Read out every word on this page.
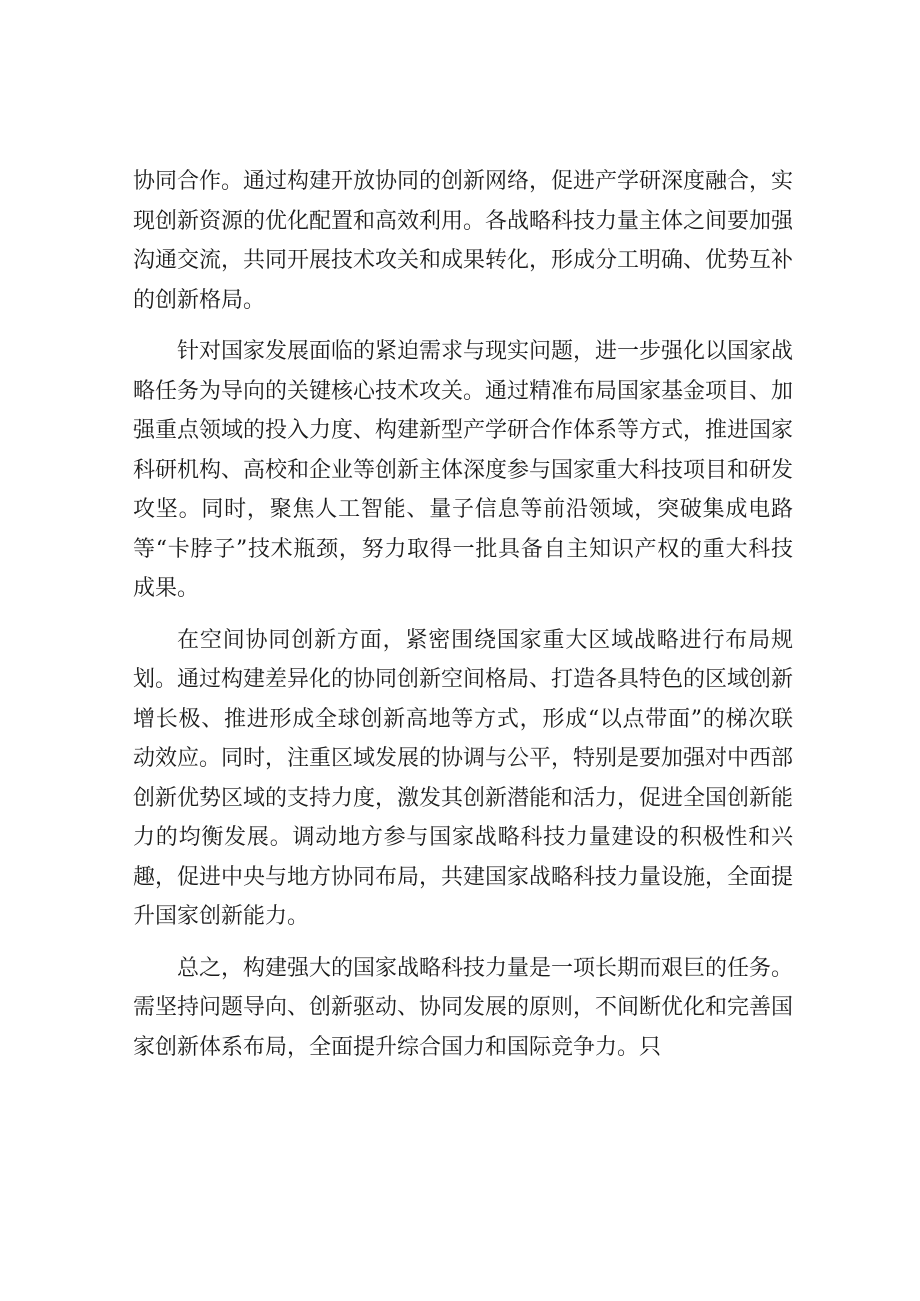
协同合作。通过构建开放协同的创新网络，促进产学研深度融合，实现创新资源的优化配置和高效利用。各战略科技力量主体之间要加强沟通交流，共同开展技术攻关和成果转化，形成分工明确、优势互补的创新格局。

针对国家发展面临的紧迫需求与现实问题，进一步强化以国家战略任务为导向的关键核心技术攻关。通过精准布局国家基金项目、加强重点领域的投入力度、构建新型产学研合作体系等方式，推进国家科研机构、高校和企业等创新主体深度参与国家重大科技项目和研发攻坚。同时，聚焦人工智能、量子信息等前沿领域，突破集成电路等“卡脖子”技术瓶颈，努力取得一批具备自主知识产权的重大科技成果。

在空间协同创新方面，紧密围绕国家重大区域战略进行布局规划。通过构建差异化的协同创新空间格局、打造各具特色的区域创新增长极、推进形成全球创新高地等方式，形成“以点带面”的梯次联动效应。同时，注重区域发展的协调与公平，特别是要加强对中西部创新优势区域的支持力度，激发其创新潜能和活力，促进全国创新能力的均衡发展。调动地方参与国家战略科技力量建设的积极性和兴趣，促进中央与地方协同布局，共建国家战略科技力量设施，全面提升国家创新能力。

总之，构建强大的国家战略科技力量是一项长期而艰巨的任务。需坚持问题导向、创新驱动、协同发展的原则，不间断优化和完善国家创新体系布局，全面提升综合国力和国际竞争力。只
